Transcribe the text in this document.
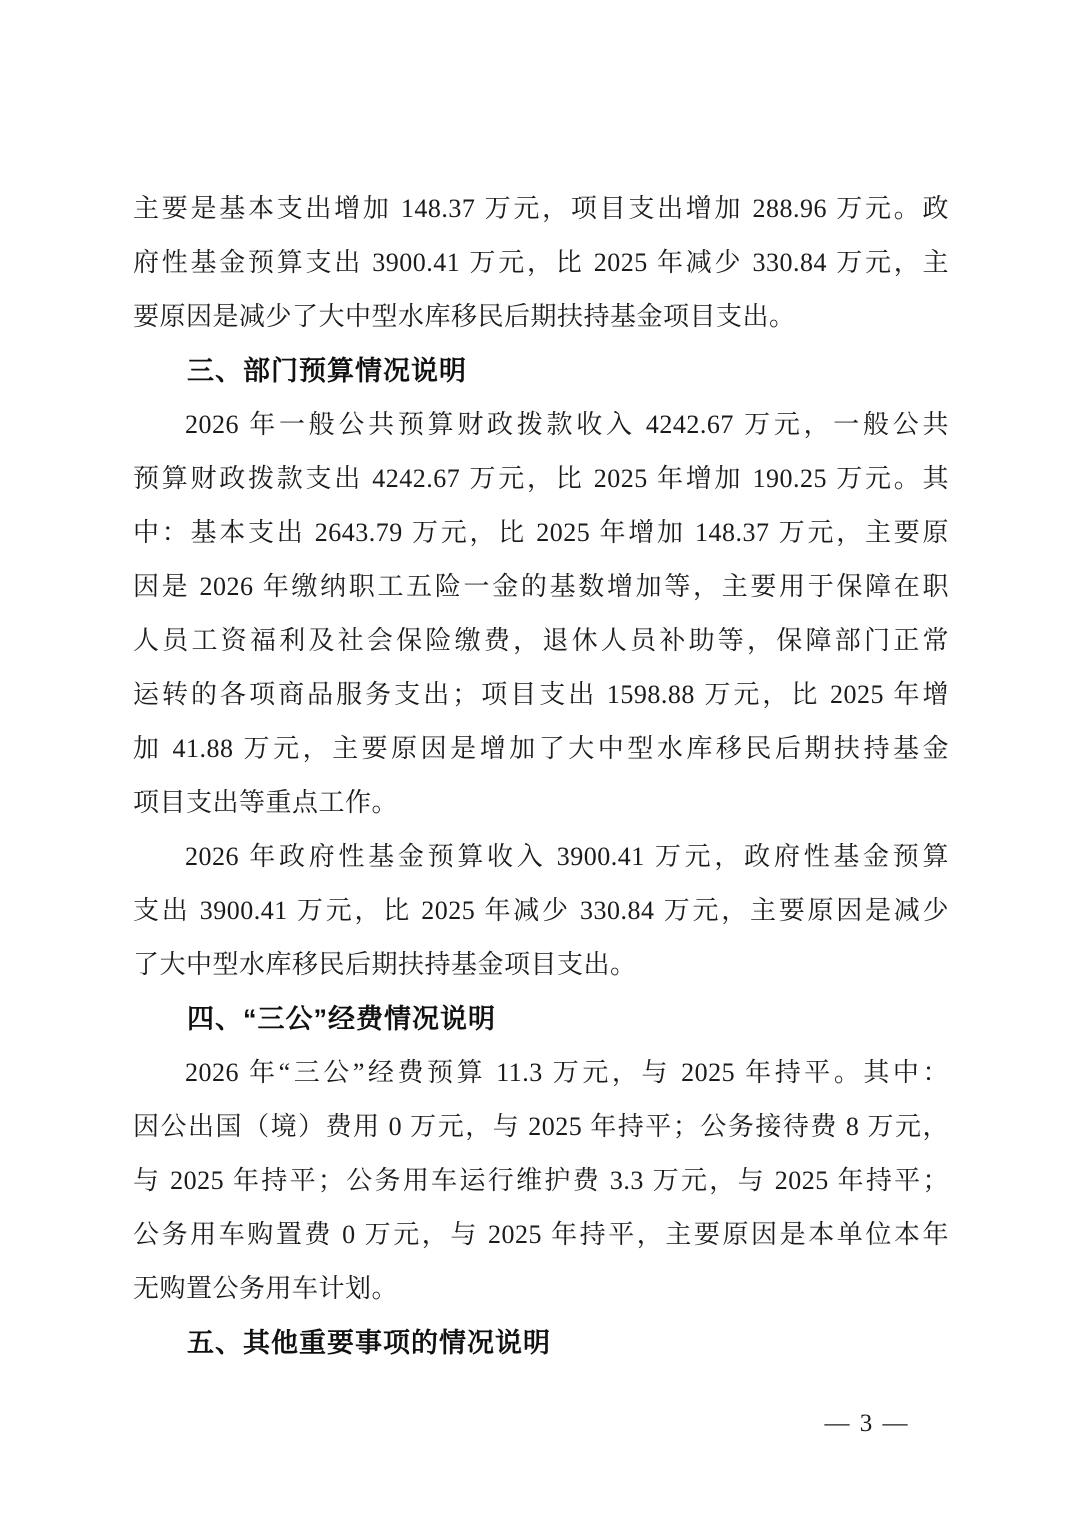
主要是基本支出增加 148.37 万元，项目支出增加 288.96 万元。政
府性基金预算支出 3900.41 万元，比 2025 年减少 330.84 万元，主
要原因是减少了大中型水库移民后期扶持基金项目支出。
三、部门预算情况说明
2026 年一般公共预算财政拨款收入 4242.67 万元，一般公共
预算财政拨款支出 4242.67 万元，比 2025 年增加 190.25 万元。其
中：基本支出 2643.79 万元，比 2025 年增加 148.37 万元，主要原
因是 2026 年缴纳职工五险一金的基数增加等，主要用于保障在职
人员工资福利及社会保险缴费，退休人员补助等，保障部门正常
运转的各项商品服务支出；项目支出 1598.88 万元，比 2025 年增
加 41.88 万元，主要原因是增加了大中型水库移民后期扶持基金
项目支出等重点工作。
2026 年政府性基金预算收入 3900.41 万元，政府性基金预算
支出 3900.41 万元，比 2025 年减少 330.84 万元，主要原因是减少
了大中型水库移民后期扶持基金项目支出。
四、“三公”经费情况说明
2026 年“三公”经费预算 11.3 万元，与 2025 年持平。其中：
因公出国（境）费用 0 万元，与 2025 年持平；公务接待费 8 万元，
与 2025 年持平；公务用车运行维护费 3.3 万元，与 2025 年持平；
公务用车购置费 0 万元，与 2025 年持平，主要原因是本单位本年
无购置公务用车计划。
五、其他重要事项的情况说明
— 3 —
